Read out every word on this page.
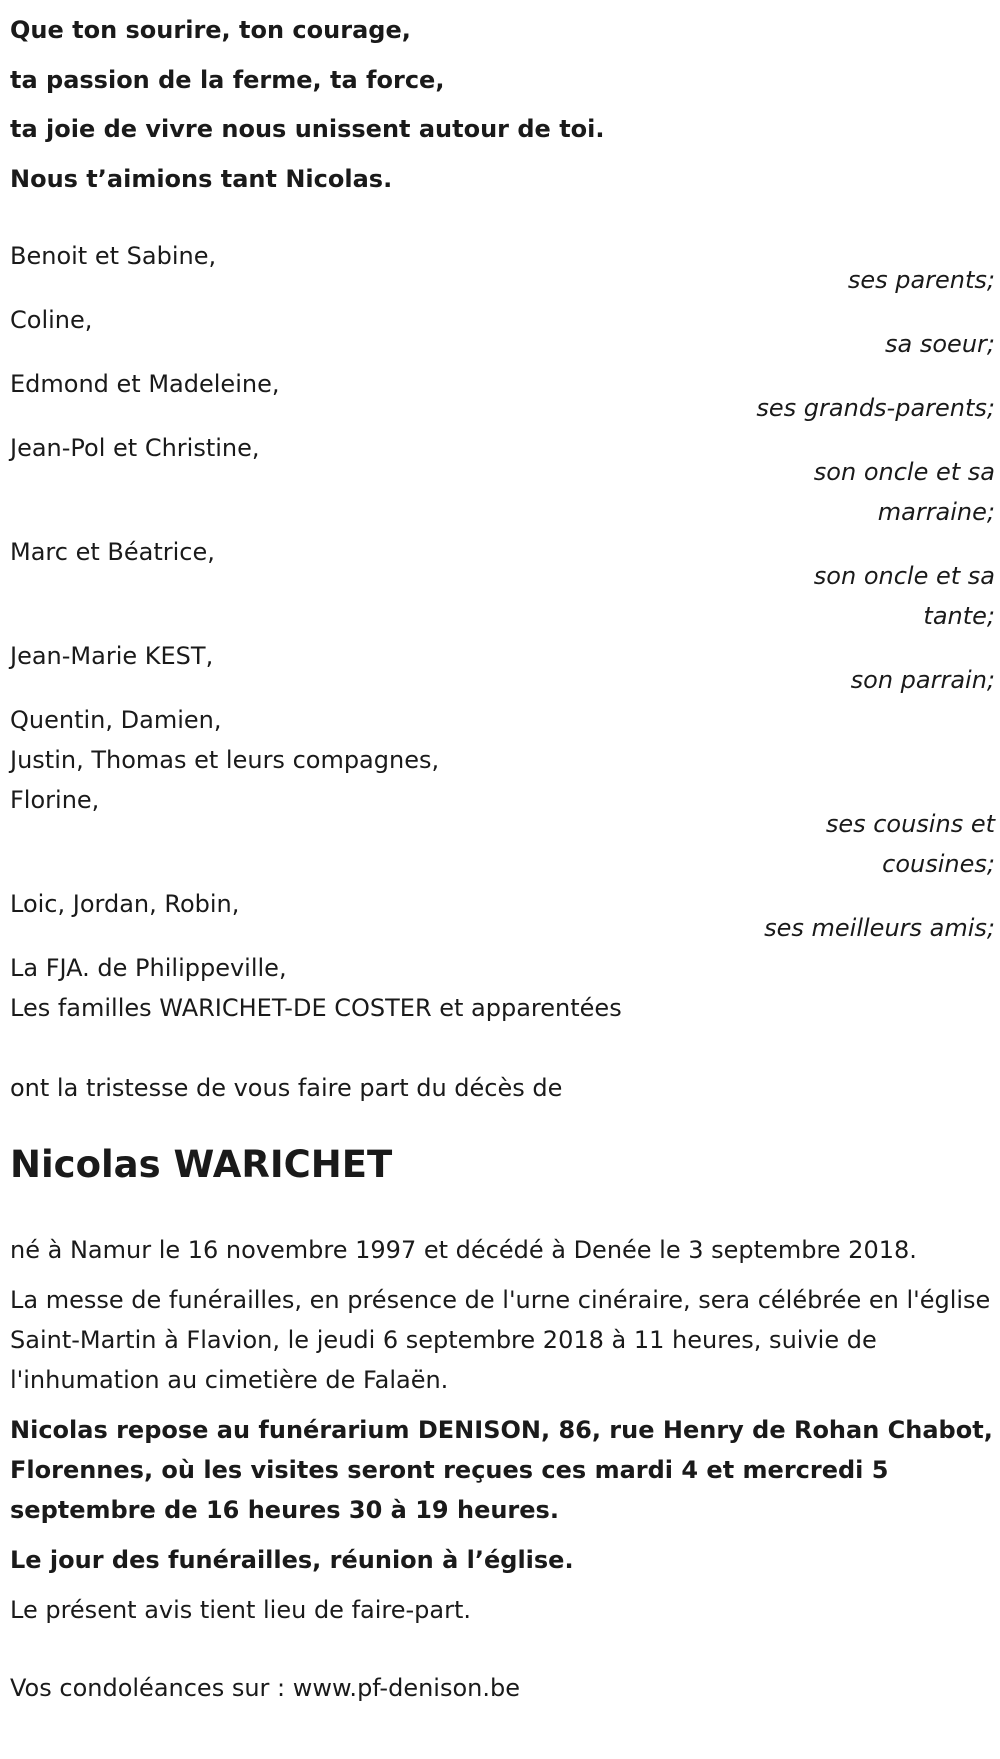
Que ton sourire, ton courage,
ta passion de la ferme, ta force,
ta joie de vivre nous unissent autour de toi.
Nous t’aimions tant Nicolas.
Benoit et Sabine,
ses parents;
Coline,
sa soeur;
Edmond et Madeleine,
ses grands-parents;
Jean-Pol et Christine,
son oncle et sa
marraine;
Marc et Béatrice,
son oncle et sa
tante;
Jean-Marie KEST,
son parrain;
Quentin, Damien,
Justin, Thomas et leurs compagnes,
Florine,
ses cousins et
cousines;
Loic, Jordan, Robin,
ses meilleurs amis;
La FJA. de Philippeville,
Les familles WARICHET-DE COSTER et apparentées
ont la tristesse de vous faire part du décès de
Nicolas WARICHET
né à Namur le 16 novembre 1997 et décédé à Denée le 3 septembre 2018.
La messe de funérailles, en présence de l'urne cinéraire, sera célébrée en l'église Saint-Martin à Flavion, le jeudi 6 septembre 2018 à 11 heures, suivie de l'inhumation au cimetière de Falaën.
Nicolas repose au funérarium DENISON, 86, rue Henry de Rohan Chabot, Florennes, où les visites seront reçues ces mardi 4 et mercredi 5 septembre de 16 heures 30 à 19 heures.
Le jour des funérailles, réunion à l’église.
Le présent avis tient lieu de faire-part.
Vos condoléances sur : www.pf-denison.be
